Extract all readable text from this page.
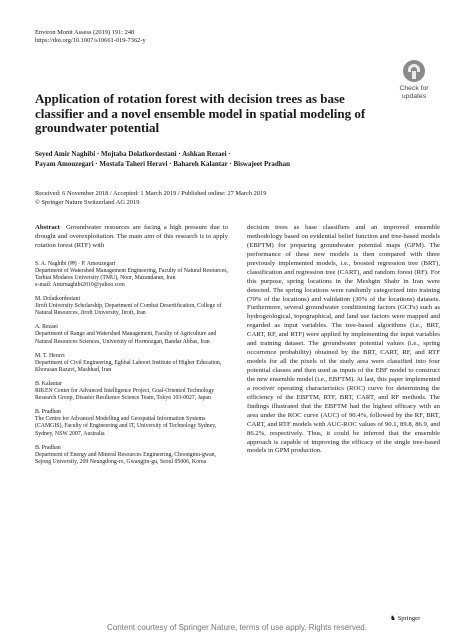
Environ Monit Assess (2019) 191: 248
https://doi.org/10.1007/s10661-019-7362-y
Check for
updates
Application of rotation forest with decision trees as base classifier and a novel ensemble model in spatial modeling of groundwater potential
Seyed Amir Naghibi · Mojtaba Dolatkordestani · Ashkan Rezaei ·
Payam Amouzegari · Mostafa Taheri Heravi · Bahareh Kalantar · Biswajeet Pradhan
Received: 6 November 2018 / Accepted: 1 March 2019 / Published online: 27 March 2019
© Springer Nature Switzerland AG 2019

Abstract Groundwater resources are facing a high pressure due to drought and overexploitation. The main aim of this research is to apply rotation forest (RTF) with

S. A. Naghibi (✉) · P. Amouzegari
Department of Watershed Management Engineering, Faculty of Natural Resources, Tarbiat Modares University (TMU), Noor, Mazandaran, Iran
e-mail: Amirnaghibi2010@yahoo.com
M. Dolatkordestani
Jiroft University Scholarship, Department of Combat Desertification, College of Natural Resources, Jiroft University, Jiroft, Iran
A. Rezaei
Department of Range and Watershed Management, Faculty of Agriculture and Natural Resources Sciences, University of Hormozgan, Bandar Abbas, Iran
M. T. Heravi
Department of Civil Engineering, Eghbal Lahoori Institute of Higher Education, Khorasan Razavi, Mashhad, Iran
B. Kalantar
RIKEN Center for Advanced Intelligence Project, Goal-Oriented Technology Research Group, Disaster Resilience Science Team, Tokyo 103-0027, Japan
B. Pradhan
The Centre for Advanced Modelling and Geospatial Information Systems (CAMGIS), Faculty of Engineering and IT, University of Technology Sydney, Sydney, NSW 2007, Australia
B. Pradhan
Department of Energy and Mineral Resources Engineering, Choongmu-gwan, Sejong University, 209 Neungdong-ro, Gwangjin-gu, Seoul 05006, Korea
decision trees as base classifiers and an improved ensemble methodology based on evidential belief function and tree-based models (EBFTM) for preparing groundwater potential maps (GPM). The performance of these new models is then compared with three previously implemented models, i.e., boosted regression tree (BRT), classification and regression tree (CART), and random forest (RF). For this purpose, spring locations in the Meshgin Shahr in Iran were detected. The spring locations were randomly categorized into training (70% of the locations) and validation (30% of the locations) datasets. Furthermore, several groundwater conditioning factors (GCFs) such as hydrogeological, topographical, and land use factors were mapped and regarded as input variables. The tree-based algorithms (i.e., BRT, CART, RF, and RTF) were applied by implementing the input variables and training dataset. The groundwater potential values (i.e., spring occurrence probability) obtained by the BRT, CART, RF, and RTF models for all the pixels of the study area were classified into four potential classes and then used as inputs of the EBF model to construct the new ensemble model (i.e., EBFTM). At last, this paper implemented a receiver operating characteristics (ROC) curve for determining the efficiency of the EBFTM, RTF, BRT, CART, and RF methods. The findings illustrated that the EBFTM had the highest efficacy with an area under the ROC curve (AUC) of 90.4%, followed by the RF, BRT, CART, and RTF models with AUC-ROC values of 90.1, 89.8, 86.9, and 86.2%, respectively. Thus, it could be inferred that the ensemble approach is capable of improving the efficacy of the single tree-based models in GPM production.
♞ Springer
Content courtesy of Springer Nature, terms of use apply. Rights reserved.
